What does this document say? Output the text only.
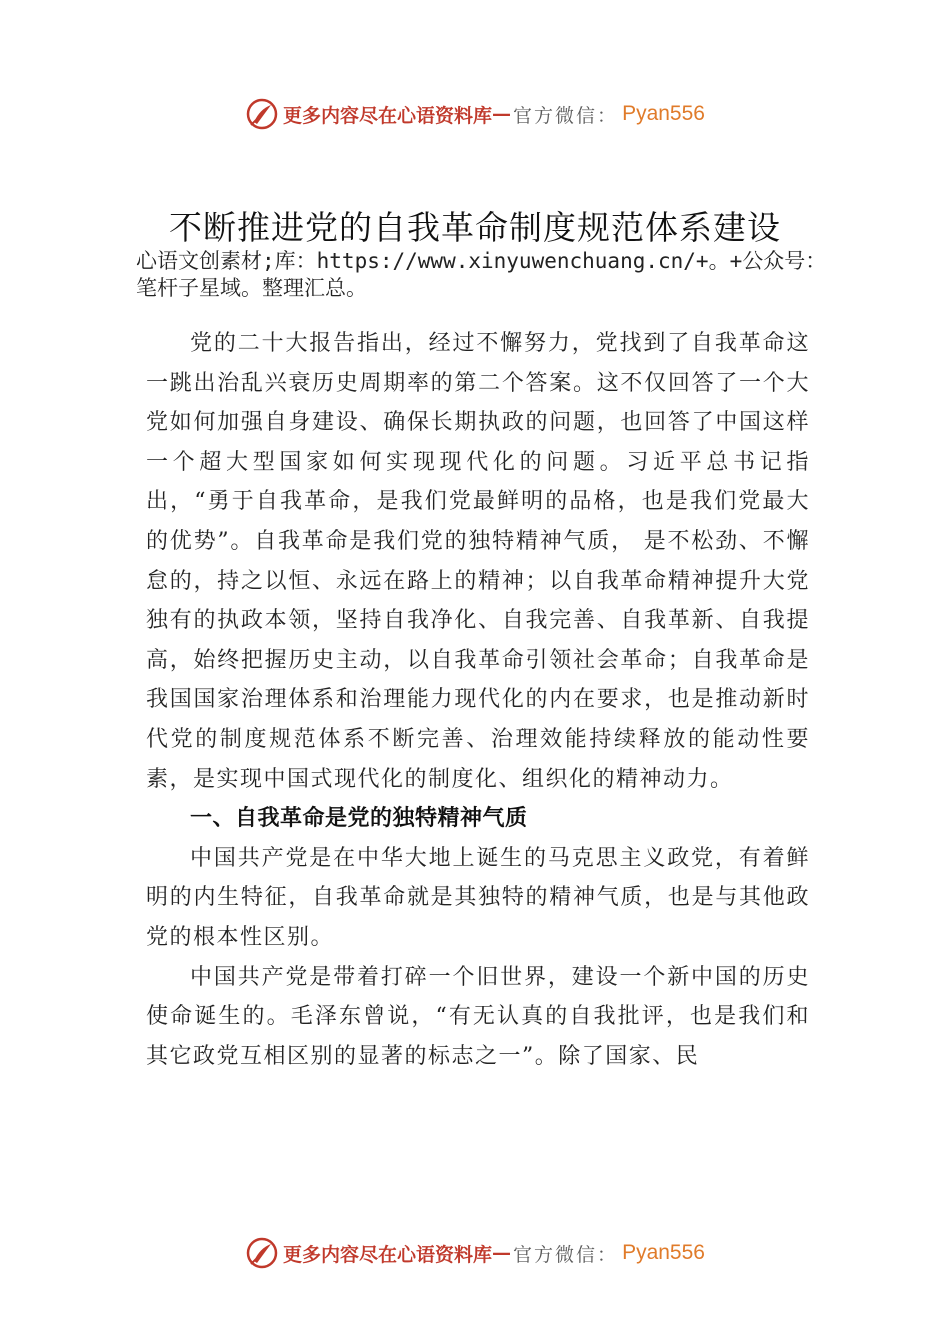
更多内容尽在心语资料库 — 官方微信： Pyan556
不断推进党的自我革命制度规范体系建设
心语文创素材;库：https://www.xinyuwenchuang.cn/+。+公众号：笔杆子星域。整理汇总。

党的二十大报告指出，经过不懈努力，党找到了自我革命这一跳出治乱兴衰历史周期率的第二个答案。这不仅回答了一个大党如何加强自身建设、确保长期执政的问题，也回答了中国这样一个超大型国家如何实现现代化的问题。习近平总书记指出，“勇于自我革命，是我们党最鲜明的品格，也是我们党最大的优势”。自我革命是我们党的独特精神气质， 是不松劲、不懈怠的，持之以恒、永远在路上的精神；以自我革命精神提升大党独有的执政本领，坚持自我净化、自我完善、自我革新、自我提高，始终把握历史主动，以自我革命引领社会革命；自我革命是我国国家治理体系和治理能力现代化的内在要求，也是推动新时代党的制度规范体系不断完善、治理效能持续释放的能动性要素，是实现中国式现代化的制度化、组织化的精神动力。

一、自我革命是党的独特精神气质

中国共产党是在中华大地上诞生的马克思主义政党，有着鲜明的内生特征，自我革命就是其独特的精神气质，也是与其他政党的根本性区别。

中国共产党是带着打碎一个旧世界，建设一个新中国的历史使命诞生的。毛泽东曾说，“有无认真的自我批评，也是我们和其它政党互相区别的显著的标志之一”。除了国家、民

更多内容尽在心语资料库 — 官方微信： Pyan556
